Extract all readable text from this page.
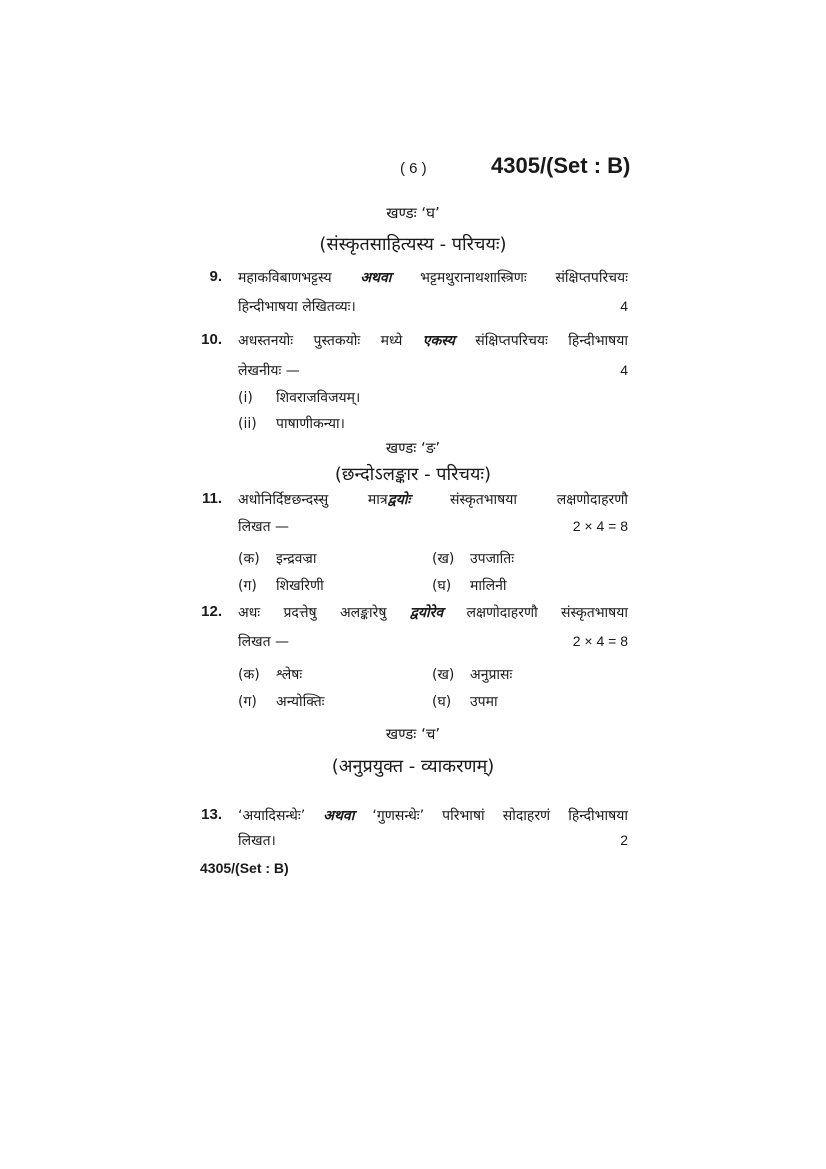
( 6 )	4305/(Set : B)
खण्डः ‘घ’
(संस्कृतसाहित्यस्य - परिचयः)
9. महाकविबाणभट्टस्य अथवा भट्टमथुरानाथशास्त्रिणः संक्षिप्तपरिचयः
हिन्दीभाषया लेखितव्यः।	4
10. अधस्तनयोः पुस्तकयोः मध्ये एकस्य संक्षिप्तपरिचयः हिन्दीभाषया
लेखनीयः —	4
(i) शिवराजविजयम्।
(ii) पाषाणीकन्या।
खण्डः ‘ङ’
(छन्दोऽलङ्कार - परिचयः)
11. अधोनिर्दिष्टछन्दस्सु मात्रद्वयोः	संस्कृतभाषया लक्षणोदाहरणौ
लिखत —	2 × 4 = 8
(क) इन्द्रवज्रा	(ख) उपजातिः
(ग) शिखरिणी	(घ) मालिनी
12. अधः प्रदत्तेषु अलङ्कारेषु द्वयोरेव लक्षणोदाहरणौ संस्कृतभाषया
लिखत —	2 × 4 = 8
(क) श्लेषः	(ख) अनुप्रासः
(ग) अन्योक्तिः	(घ) उपमा
खण्डः ‘च’
(अनुप्रयुक्त - व्याकरणम्)
13. ‘अयादिसन्धेः’ अथवा ‘गुणसन्धेः’ परिभाषां सोदाहरणं हिन्दीभाषया
लिखत।	2
4305/(Set : B)
